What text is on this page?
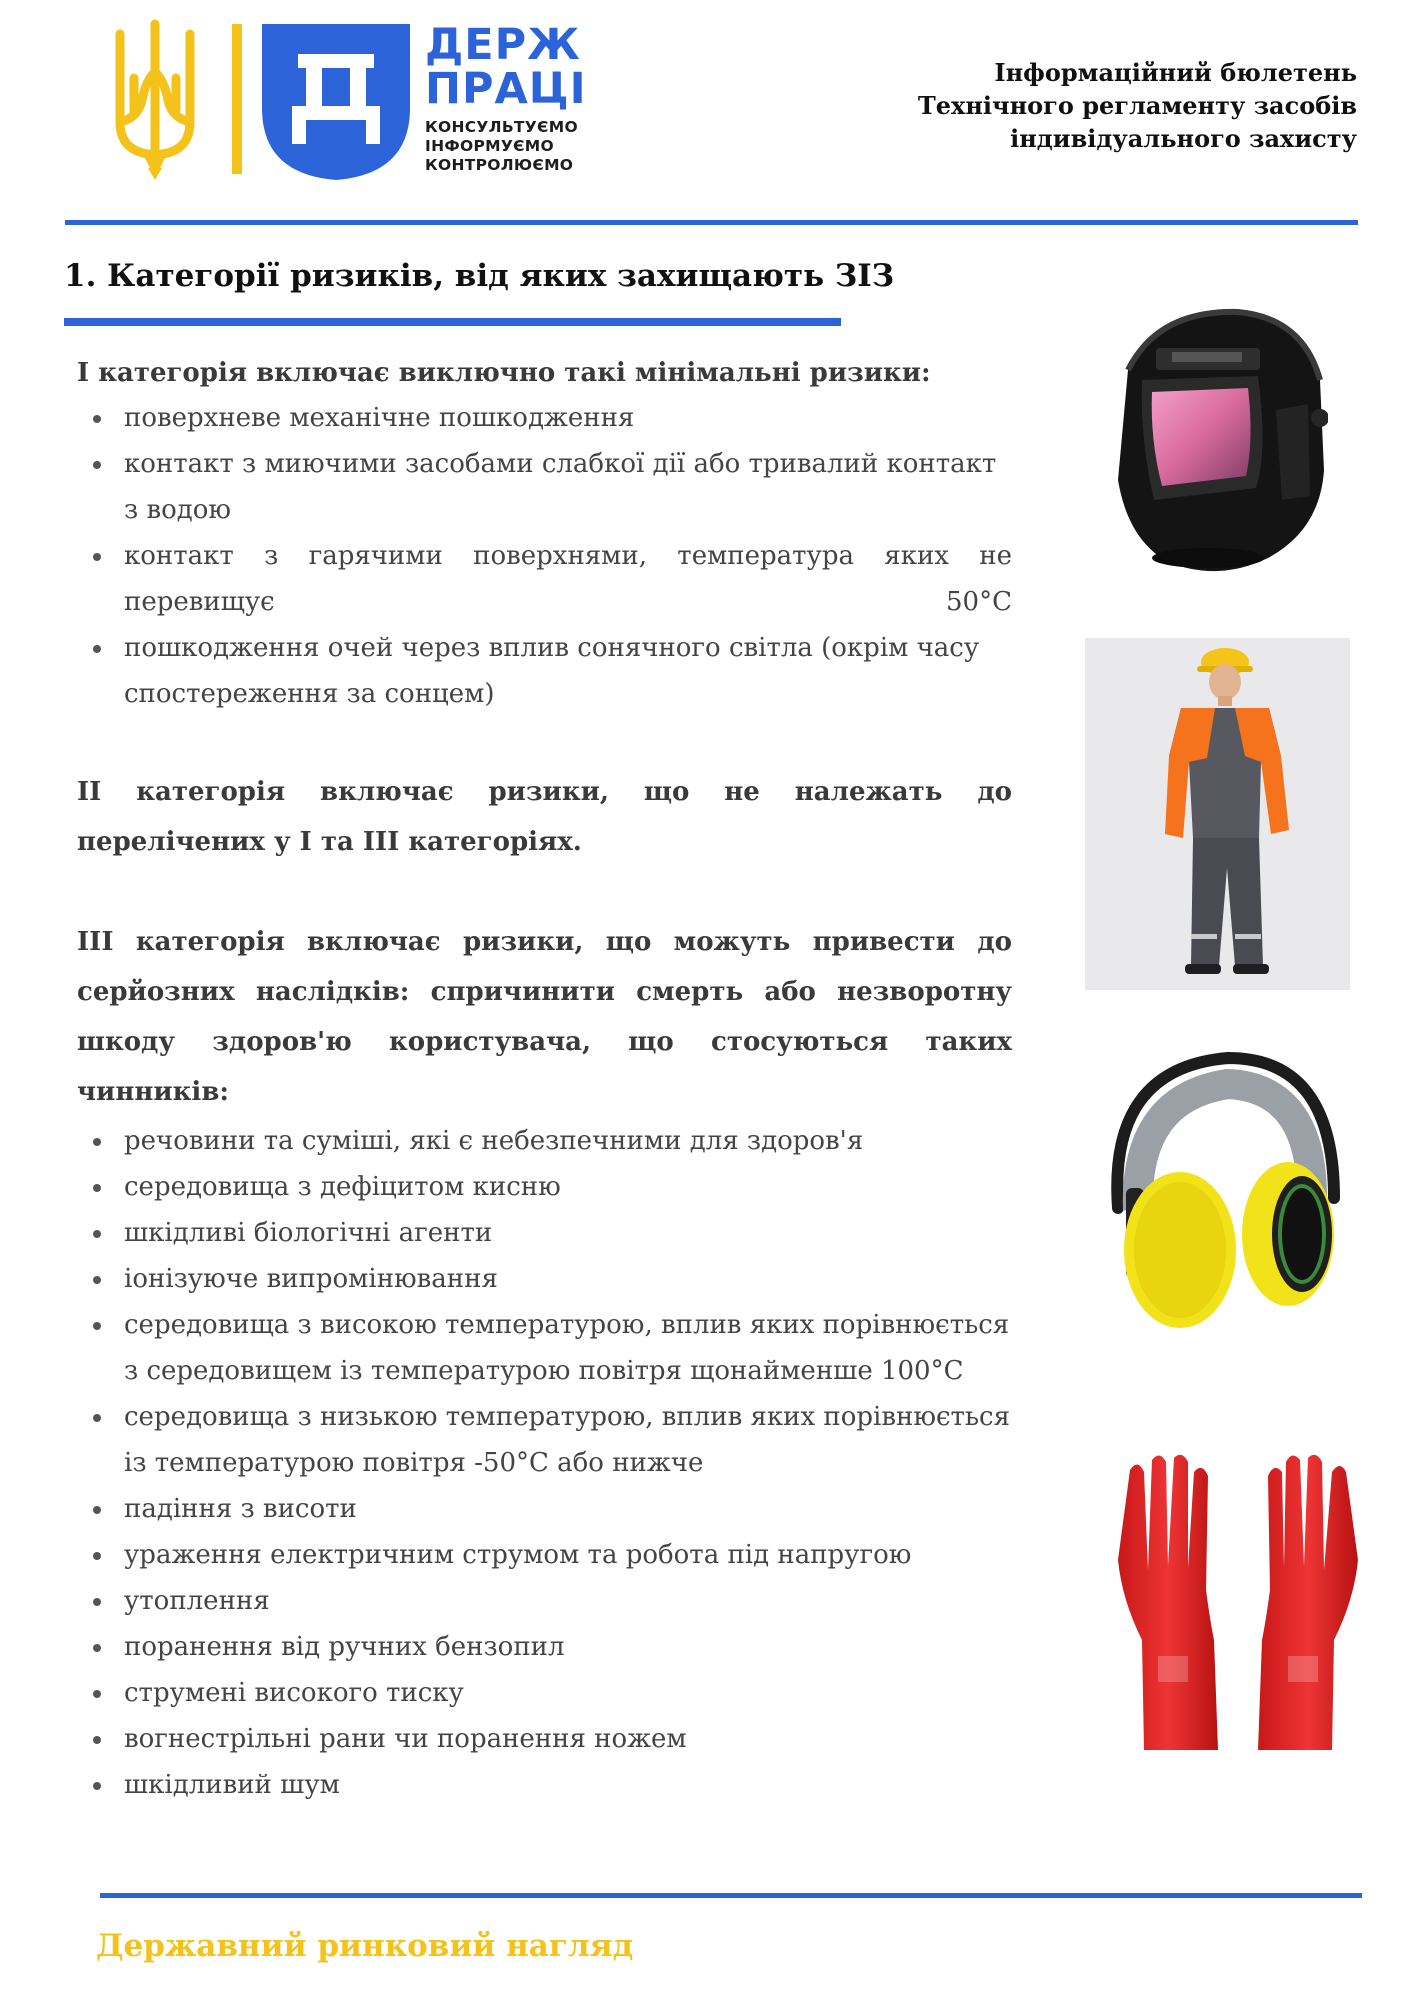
ДЕРЖ
ПРАЦІ
КОНСУЛЬТУЄМО
ІНФОРМУЄМО
КОНТРОЛЮЄМО
Інформаційний бюлетень
Технічного регламенту засобів
індивідуального захисту
1. Категорії ризиків, від яких захищають ЗІЗ
І категорія включає виключно такі мінімальні ризики:
поверхневе механічне пошкодження
контакт з миючими засобами слабкої дії або тривалий контакт з водою
контакт з гарячими поверхнями, температура яких не перевищує 50°C
пошкодження очей через вплив сонячного світла (окрім часу спостереження за сонцем)
ІІ категорія включає ризики, що не належать до
перелічених у І та ІІІ категоріях.
ІІІ категорія включає ризики, що можуть привести до
серйозних наслідків: спричинити смерть або незворотну
шкоду здоров'ю користувача, що стосуються таких
чинників:
речовини та суміші, які є небезпечними для здоров'я
середовища з дефіцитом кисню
шкідливі біологічні агенти
іонізуюче випромінювання
середовища з високою температурою, вплив яких порівнюється з середовищем із температурою повітря щонайменше 100°C
середовища з низькою температурою, вплив яких порівнюється із температурою повітря -50°C або нижче
падіння з висоти
ураження електричним струмом та робота під напругою
утоплення
поранення від ручних бензопил
струмені високого тиску
вогнестрільні рани чи поранення ножем
шкідливий шум
Державний ринковий нагляд
